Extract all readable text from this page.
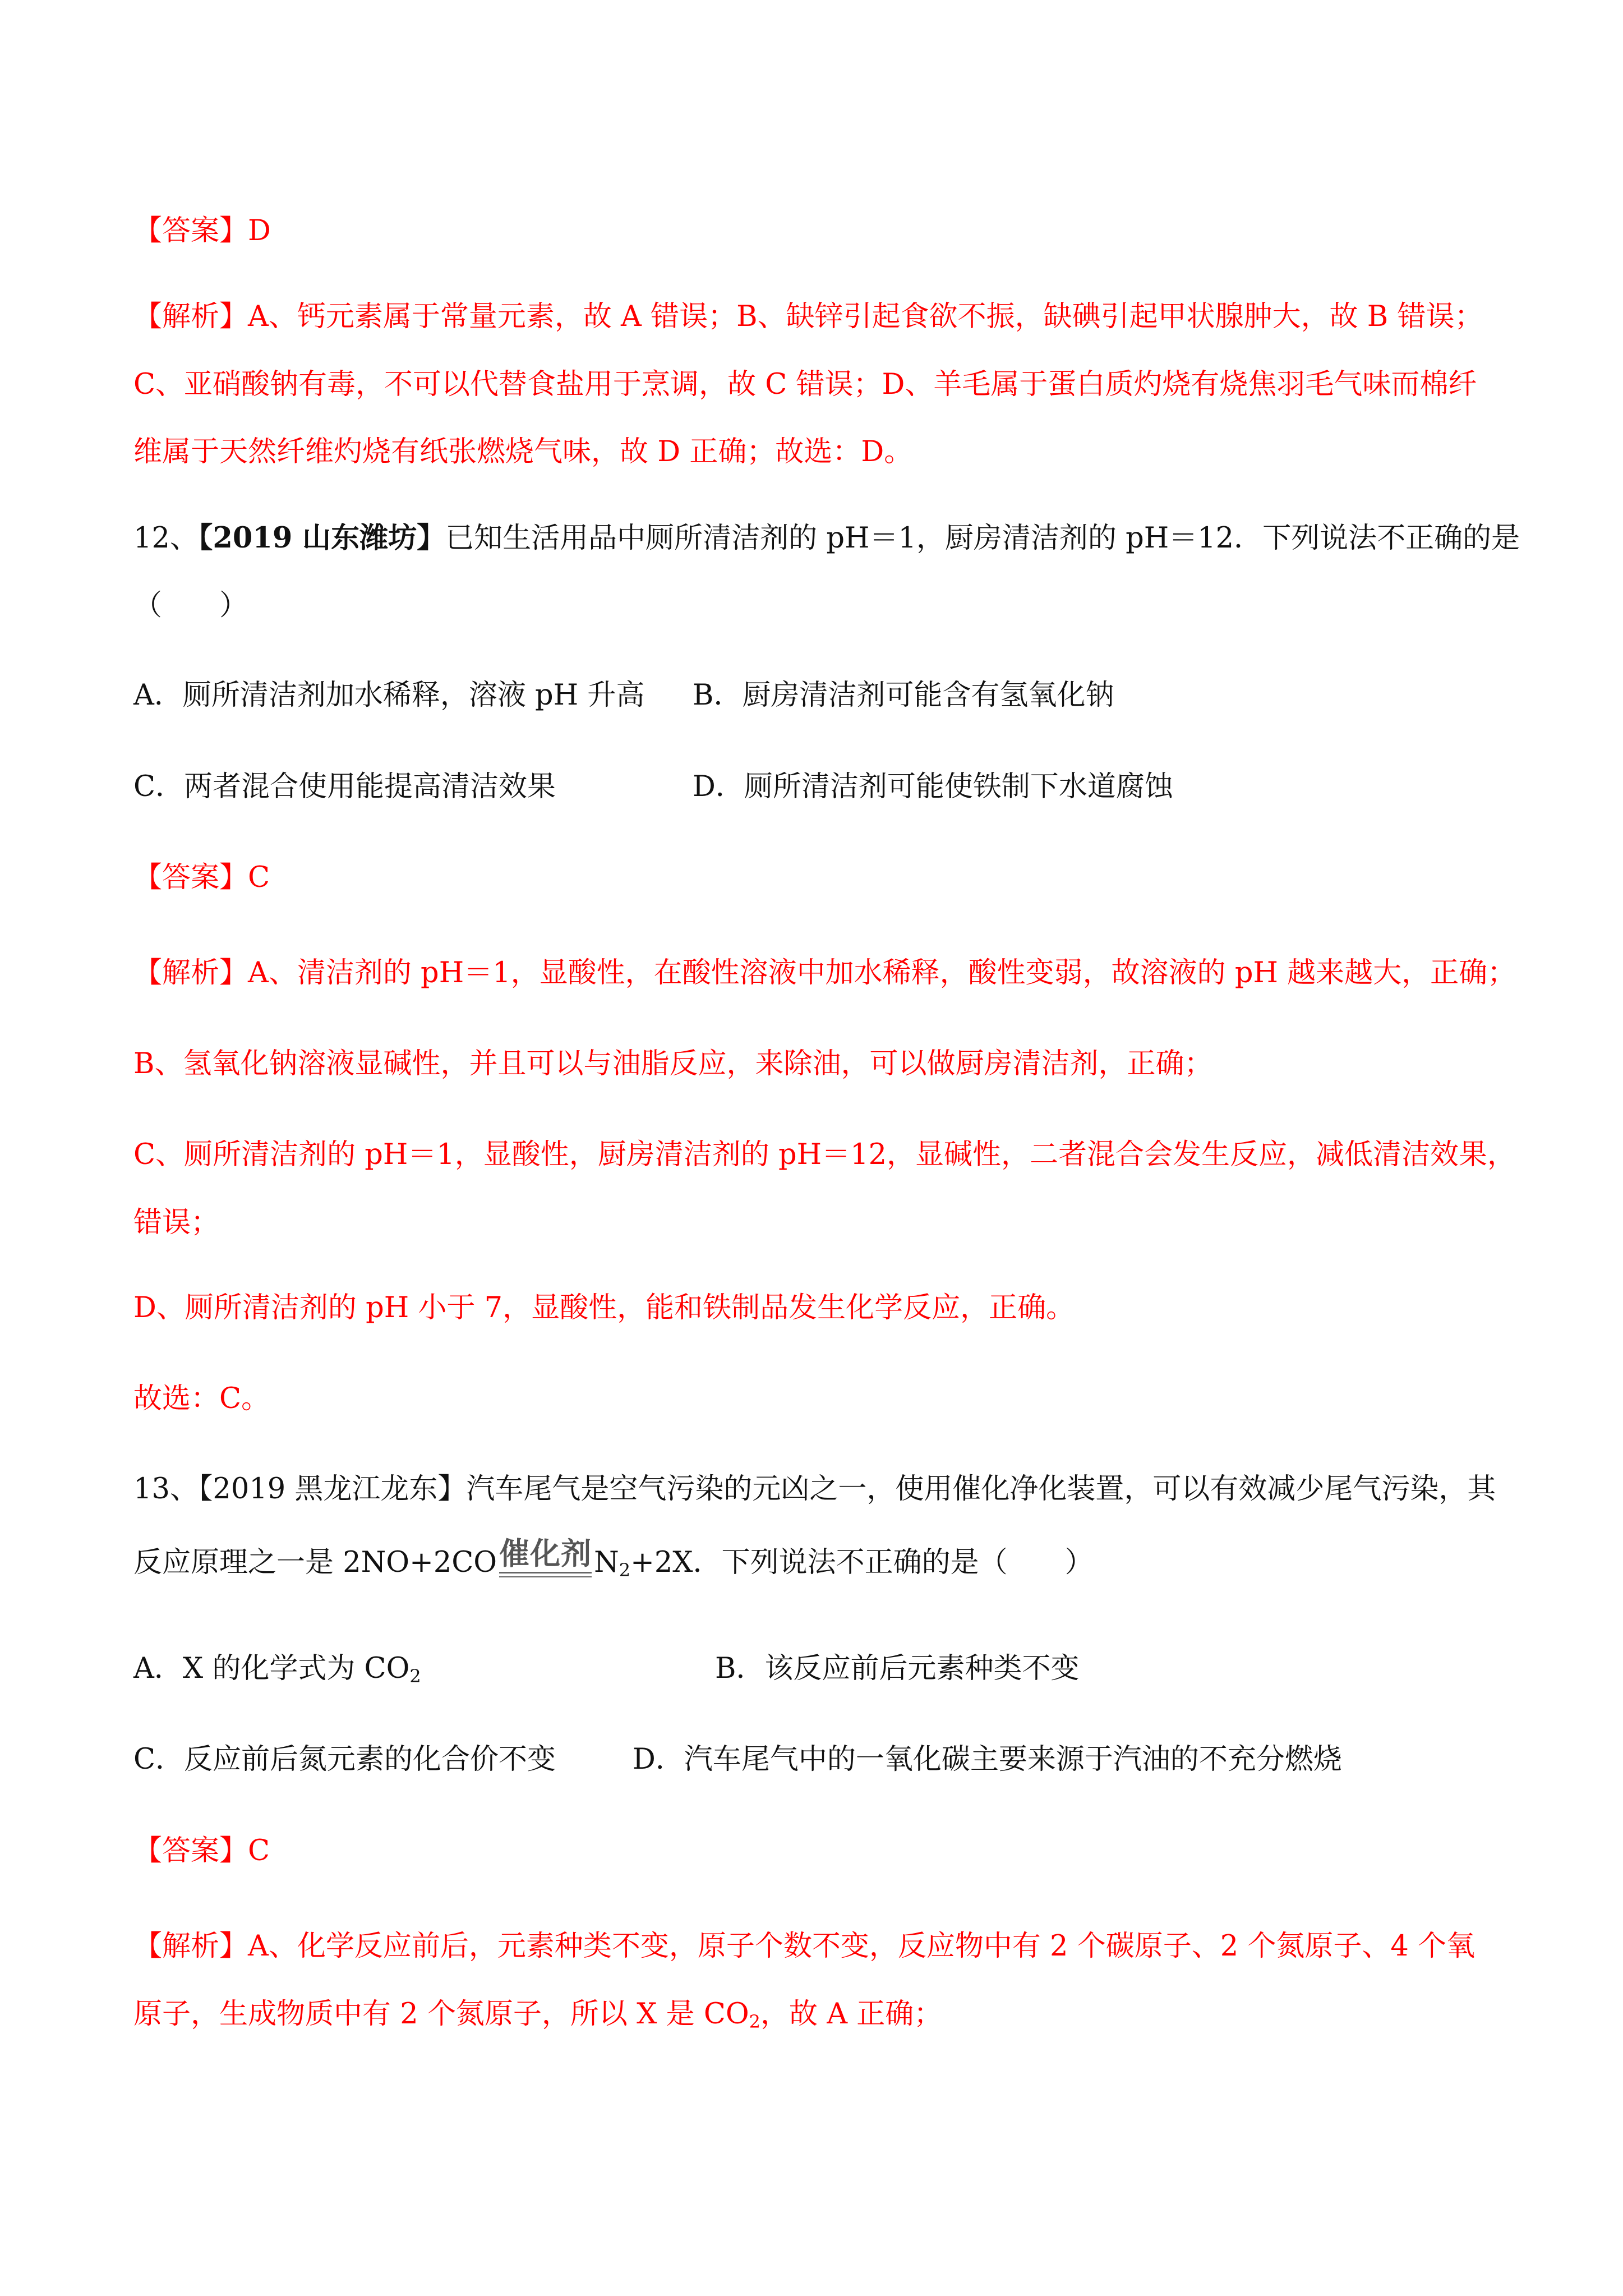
【答案】D
【解析】A、钙元素属于常量元素，故 A 错误；B、缺锌引起食欲不振，缺碘引起甲状腺肿大，故 B 错误；
C、亚硝酸钠有毒，不可以代替食盐用于烹调，故 C 错误；D、羊毛属于蛋白质灼烧有烧焦羽毛气味而棉纤
维属于天然纤维灼烧有纸张燃烧气味，故 D 正确；故选：D。
12、【2019 山东潍坊】已知生活用品中厕所清洁剂的 pH＝1，厨房清洁剂的 pH＝12．下列说法不正确的是
（　　）
A．厕所清洁剂加水稀释，溶液 pH 升高 B．厨房清洁剂可能含有氢氧化钠
C．两者混合使用能提高清洁效果	D．厕所清洁剂可能使铁制下水道腐蚀
【答案】C
【解析】A、清洁剂的 pH＝1，显酸性，在酸性溶液中加水稀释，酸性变弱，故溶液的 pH 越来越大，正确；
B、氢氧化钠溶液显碱性，并且可以与油脂反应，来除油，可以做厨房清洁剂，正确；
C、厕所清洁剂的 pH＝1，显酸性，厨房清洁剂的 pH＝12，显碱性，二者混合会发生反应，减低清洁效果，
错误；
D、厕所清洁剂的 pH 小于 7，显酸性，能和铁制品发生化学反应，正确。
故选：C。
13、【2019 黑龙江龙东】汽车尾气是空气污染的元凶之一，使用催化净化装置，可以有效减少尾气污染，其
反应原理之一是 2NO+2CO催化剂
$N_2+2X$．下列说法不正确的是（　　）
A．X 的化学式为 $CO_2$	B．该反应前后元素种类不变
C．反应前后氮元素的化合价不变	D．汽车尾气中的一氧化碳主要来源于汽油的不充分燃烧
【答案】C
【解析】A、化学反应前后，元素种类不变，原子个数不变，反应物中有 2 个碳原子、2 个氮原子、4 个氧
原子，生成物质中有 2 个氮原子，所以 X 是 $CO_2$，故 A 正确；
